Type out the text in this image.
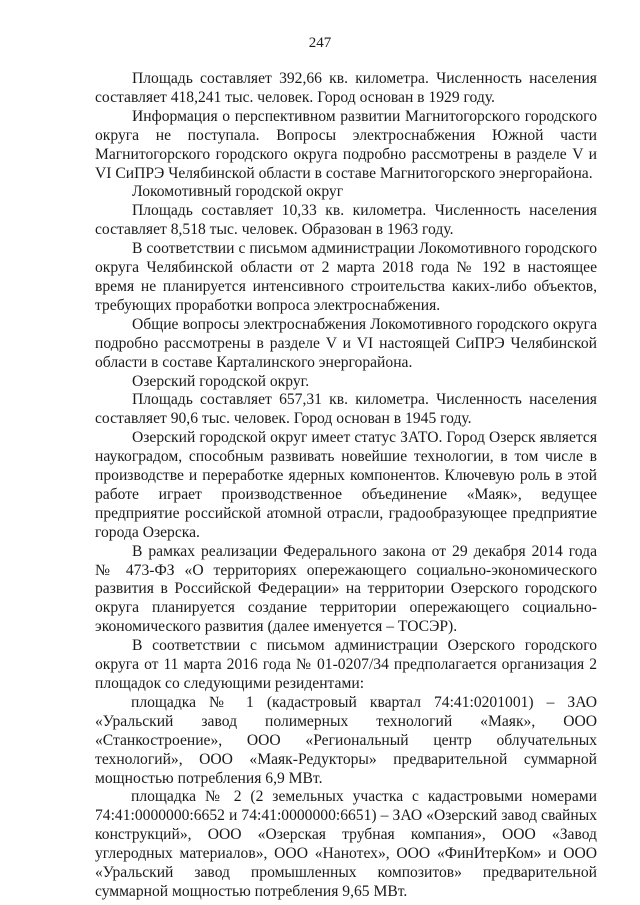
247

Площадь составляет 392,66 кв. километра. Численность населения составляет 418,241 тыс. человек. Город основан в 1929 году.

Информация о перспективном развитии Магнитогорского городского округа не поступала. Вопросы электроснабжения Южной части Магнитогорского городского округа подробно рассмотрены в разделе V и VI СиПРЭ Челябинской области в составе Магнитогорского энергорайона.

Локомотивный городской округ

Площадь составляет 10,33 кв. километра. Численность населения составляет 8,518 тыс. человек. Образован в 1963 году.

В соответствии с письмом администрации Локомотивного городского округа Челябинской области от 2 марта 2018 года № 192 в настоящее время не планируется интенсивного строительства каких-либо объектов, требующих проработки вопроса электроснабжения.

Общие вопросы электроснабжения Локомотивного городского округа подробно рассмотрены в разделе V и VI настоящей СиПРЭ Челябинской области в составе Карталинского энергорайона.

Озерский городской округ.

Площадь составляет 657,31 кв. километра. Численность населения составляет 90,6 тыс. человек. Город основан в 1945 году.

Озерский городской округ имеет статус ЗАТО. Город Озерск является наукоградом, способным развивать новейшие технологии, в том числе в производстве и переработке ядерных компонентов. Ключевую роль в этой работе играет производственное объединение «Маяк», ведущее предприятие российской атомной отрасли, градообразующее предприятие города Озерска.

В рамках реализации Федерального закона от 29 декабря 2014 года № 473-ФЗ «О территориях опережающего социально-экономического развития в Российской Федерации» на территории Озерского городского округа планируется создание территории опережающего социально-экономического развития (далее именуется – ТОСЭР).

В соответствии с письмом администрации Озерского городского округа от 11 марта 2016 года № 01-0207/34 предполагается организация 2 площадок со следующими резидентами:

площадка № 1 (кадастровый квартал 74:41:0201001) – ЗАО «Уральский завод полимерных технологий «Маяк», ООО «Станкостроение», ООО «Региональный центр облучательных технологий», ООО «Маяк-Редукторы» предварительной суммарной мощностью потребления 6,9 МВт.

площадка № 2 (2 земельных участка с кадастровыми номерами 74:41:0000000:6652 и 74:41:0000000:6651) – ЗАО «Озерский завод свайных конструкций», ООО «Озерская трубная компания», ООО «Завод углеродных материалов», ООО «Нанотех», ООО «ФинИтерКом» и ООО «Уральский завод промышленных композитов» предварительной суммарной мощностью потребления 9,65 МВт.
